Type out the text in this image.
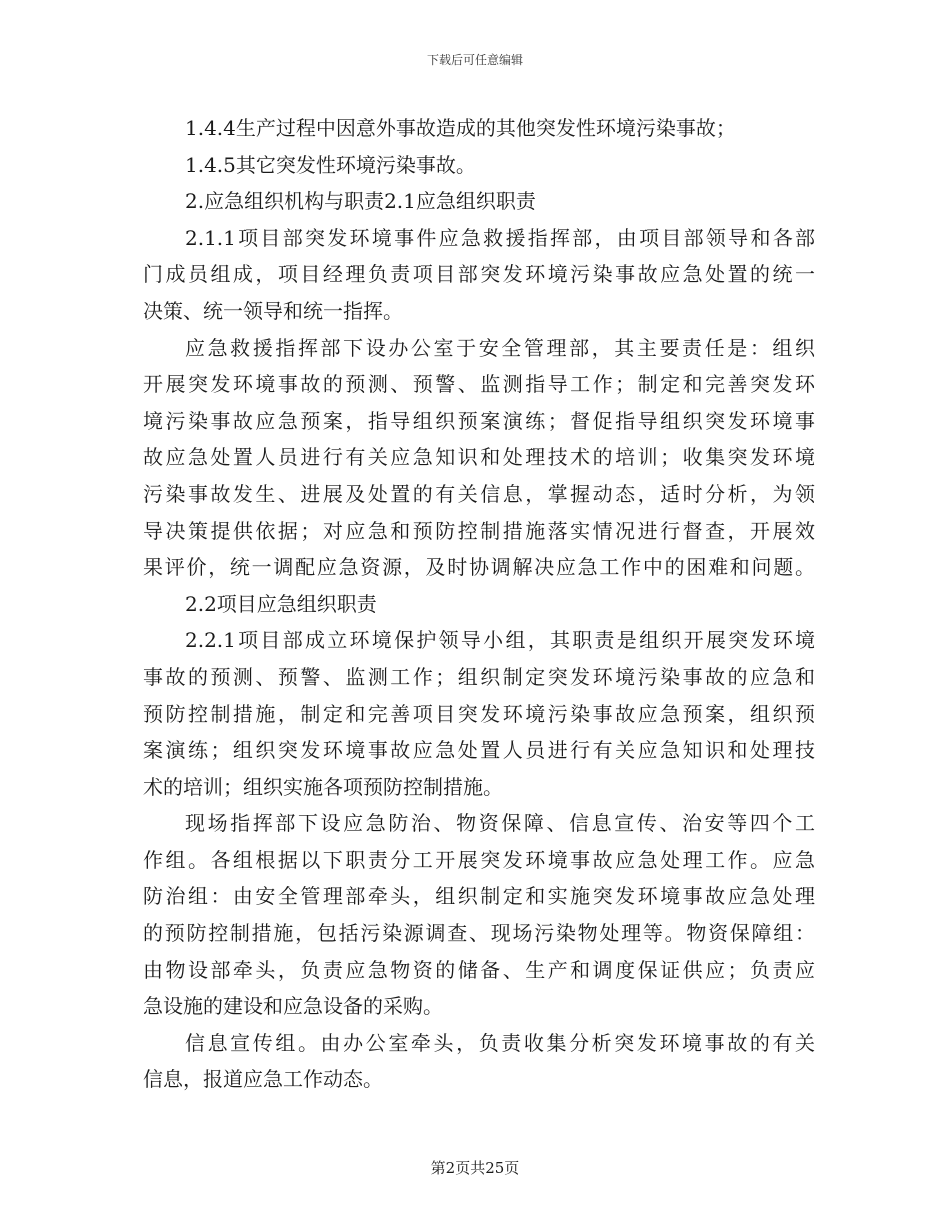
下载后可任意编辑
1.4.4生产过程中因意外事故造成的其他突发性环境污染事故；
1.4.5其它突发性环境污染事故。
2.应急组织机构与职责2.1应急组织职责
2.1.1项目部突发环境事件应急救援指挥部，由项目部领导和各部
门成员组成，项目经理负责项目部突发环境污染事故应急处置的统一
决策、统一领导和统一指挥。
应急救援指挥部下设办公室于安全管理部，其主要责任是：组织
开展突发环境事故的预测、预警、监测指导工作；制定和完善突发环
境污染事故应急预案，指导组织预案演练；督促指导组织突发环境事
故应急处置人员进行有关应急知识和处理技术的培训；收集突发环境
污染事故发生、进展及处置的有关信息，掌握动态，适时分析，为领
导决策提供依据；对应急和预防控制措施落实情况进行督查，开展效
果评价，统一调配应急资源，及时协调解决应急工作中的困难和问题。
2.2项目应急组织职责
2.2.1项目部成立环境保护领导小组，其职责是组织开展突发环境
事故的预测、预警、监测工作；组织制定突发环境污染事故的应急和
预防控制措施，制定和完善项目突发环境污染事故应急预案，组织预
案演练；组织突发环境事故应急处置人员进行有关应急知识和处理技
术的培训；组织实施各项预防控制措施。
现场指挥部下设应急防治、物资保障、信息宣传、治安等四个工
作组。各组根据以下职责分工开展突发环境事故应急处理工作。应急
防治组：由安全管理部牵头，组织制定和实施突发环境事故应急处理
的预防控制措施，包括污染源调查、现场污染物处理等。物资保障组：
由物设部牵头，负责应急物资的储备、生产和调度保证供应；负责应
急设施的建设和应急设备的采购。
信息宣传组。由办公室牵头，负责收集分析突发环境事故的有关
信息，报道应急工作动态。
第2页共25页
